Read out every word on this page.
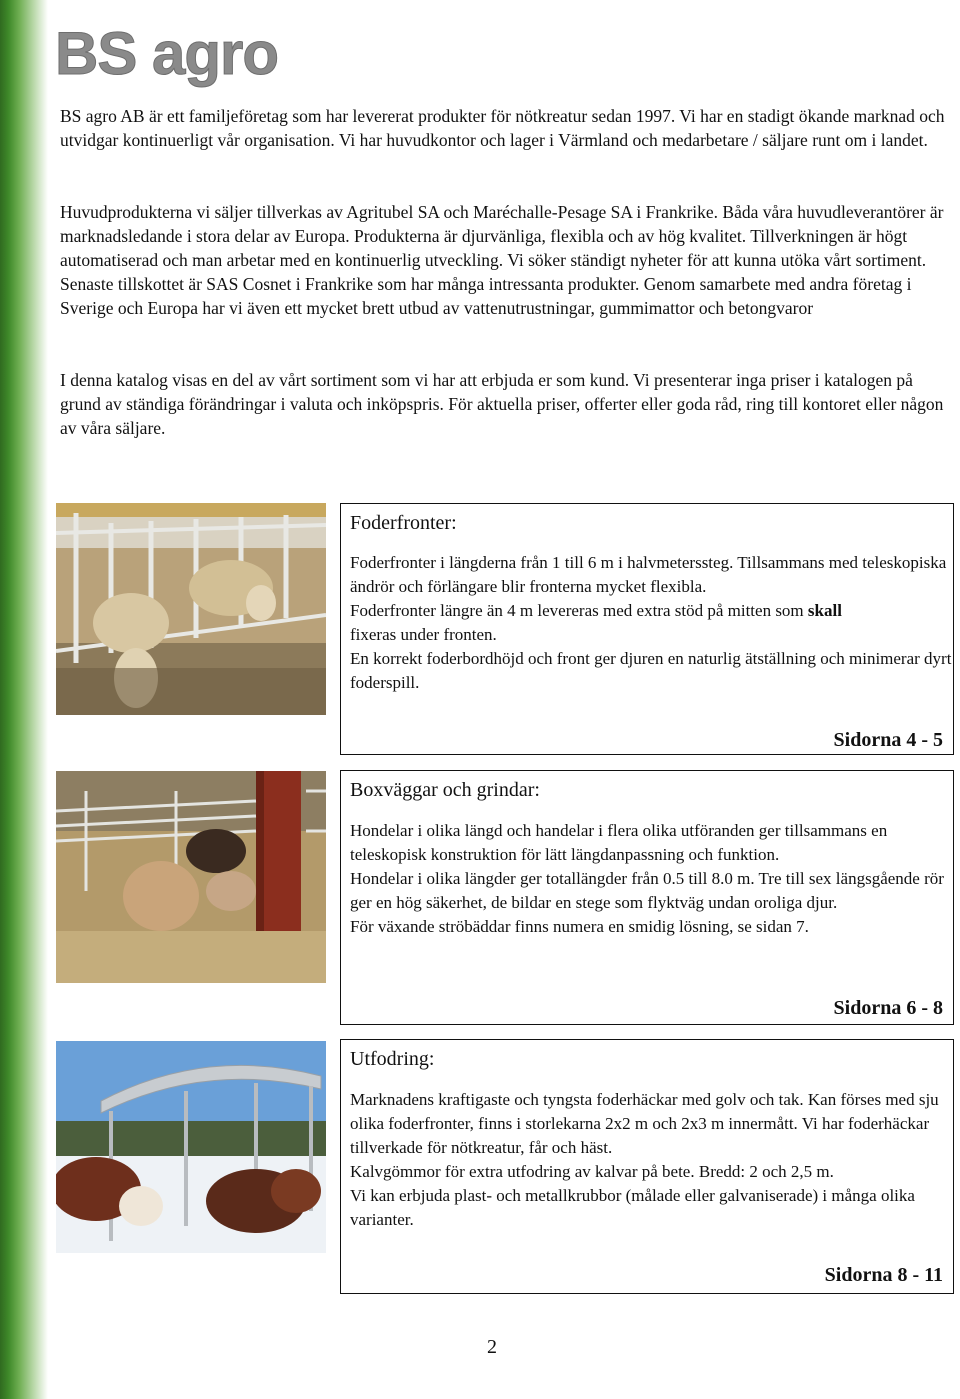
BS agro

BS agro AB är ett familjeföretag som har levererat produkter för nötkreatur sedan 1997. Vi har en stadigt ökande marknad och utvidgar kontinuerligt vår organisation. Vi har huvudkontor och lager i Värmland och medarbetare / säljare runt om i landet.

Huvudprodukterna vi säljer tillverkas av Agritubel SA och Maréchalle-Pesage SA i Frankrike. Båda våra huvudleverantörer är marknadsledande i stora delar av Europa. Produkterna är djurvänliga, flexibla och av hög kvalitet. Tillverkningen är högt automatiserad och man arbetar med en kontinuerlig utveckling. Vi söker ständigt nyheter för att kunna utöka vårt sortiment. Senaste tillskottet är SAS Cosnet i Frankrike som har många intressanta produkter. Genom samarbete med andra företag i Sverige och Europa har vi även ett mycket brett utbud av vattenutrustningar, gummimattor och betongvaror

I denna katalog visas en del av vårt sortiment som vi har att erbjuda er som kund. Vi presenterar inga priser i katalogen på grund av ständiga förändringar i valuta och inköpspris. För aktuella priser, offerter eller goda råd, ring till kontoret eller någon av våra säljare.

Foderfronter:

Foderfronter i längderna från 1 till 6 m i halvmeterssteg. Tillsammans med teleskopiska ändrör och förlängare blir fronterna mycket flexibla.

Foderfronter längre än 4 m levereras med extra stöd på mitten som skall

fixeras under fronten.

En korrekt foderbordhöjd och front ger djuren en naturlig ätställning och minimerar dyrt foderspill.

Sidorna 4 - 5
Boxväggar och grindar:

Hondelar i olika längd och handelar i flera olika utföranden ger tillsammans en teleskopisk konstruktion för lätt längdanpassning och funktion.

Hondelar i olika längder ger totallängder från 0.5 till 8.0 m. Tre till sex längsgående rör ger en hög säkerhet, de bildar en stege som flyktväg undan oroliga djur.

För växande ströbäddar finns numera en smidig lösning, se sidan 7.

Sidorna 6 - 8
Utfodring:

Marknadens kraftigaste och tyngsta foderhäckar med golv och tak. Kan förses med sju olika foderfronter, finns i storlekarna 2x2 m och 2x3 m innermått. Vi har foderhäckar tillverkade för nötkreatur, får och häst.

Kalvgömmor för extra utfodring av kalvar på bete. Bredd: 2 och 2,5 m.

Vi kan erbjuda plast- och metallkrubbor (målade eller galvaniserade) i många olika varianter.

Sidorna 8 - 11
2
